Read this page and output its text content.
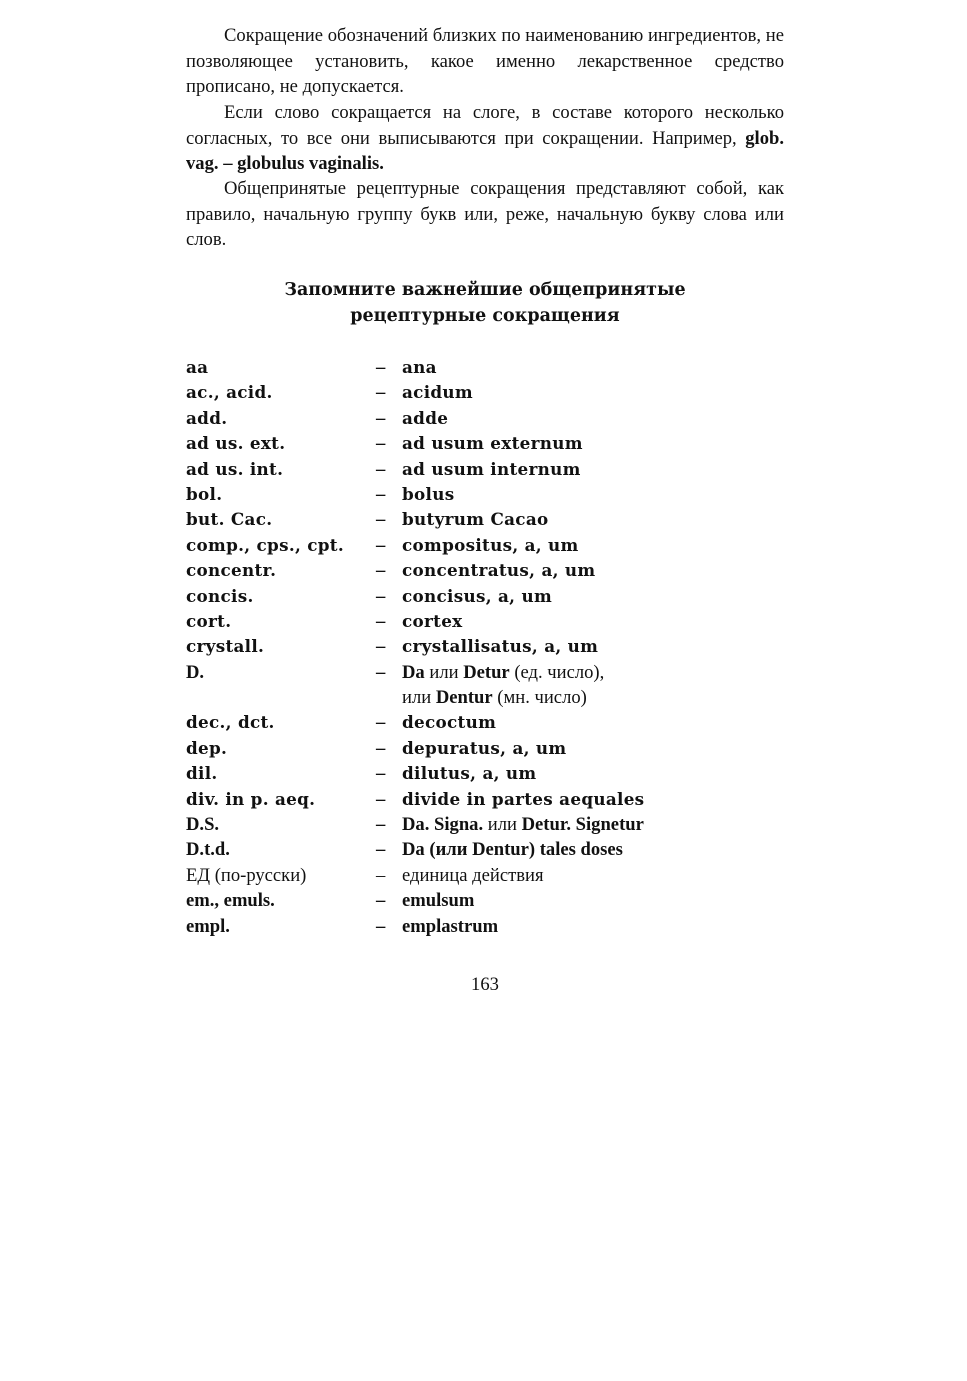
Сокращение обозначений близких по наименованию ингредиентов, не позволяющее установить, какое именно лекарственное средство прописано, не допускается.

Если слово сокращается на слоге, в составе которого несколько согласных, то все они выписываются при сокращении. Например, glob. vag. – globulus vaginalis.

Общепринятые рецептурные сокращения представляют собой, как правило, начальную группу букв или, реже, начальную букву слова или слов.

Запомните важнейшие общепринятые
рецептурные сокращения
aa	– ana
ac., acid.	– acidum
add.	– adde
ad us. ext.	– ad usum externum
ad us. int.	– ad usum internum
bol.	– bolus
but. Cac.	– butyrum Cacao
comp., cps., cpt. – compositus, a, um
concentr.	– concentratus, a, um
concis.	– concisus, a, um
cort.	– cortex
crystall.	– crystallisatus, a, um
D.	– Da или Detur (ед. число),
или Dentur (мн. число)
dec., dct.	– decoctum
dep.	– depuratus, a, um
dil.	– dilutus, a, um
div. in p. aeq.	– divide in partes aequales
D.S.	– Da. Signa. или Detur. Signetur
D.t.d.	– Da (или Dentur) tales doses
ЕД (по-русски)	– единица действия
em., emuls.	– emulsum
empl.	– emplastrum

163
